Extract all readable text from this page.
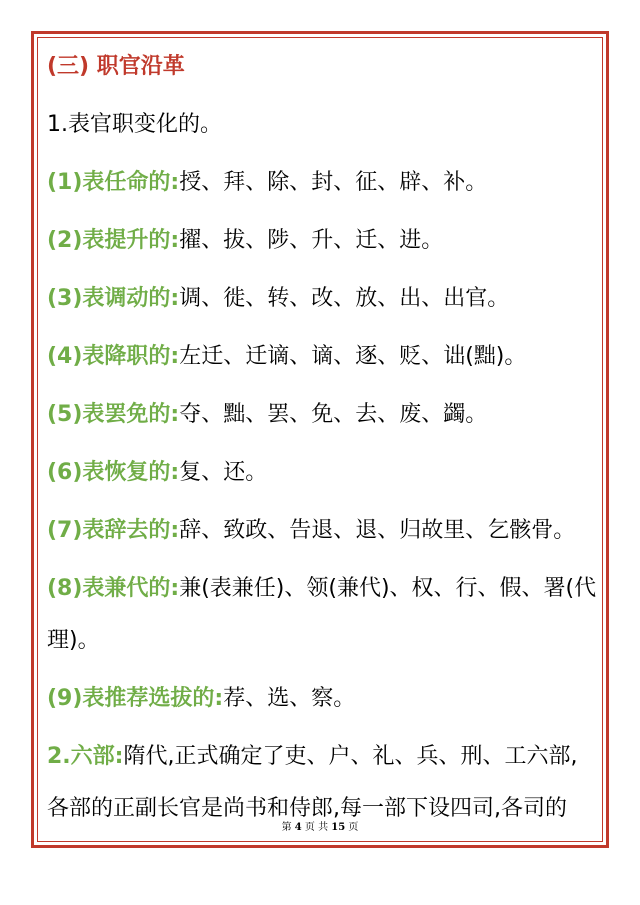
(三) 职官沿革
1.表官职变化的。
(1)表任命的:授、拜、除、封、征、辟、补。
(2)表提升的:擢、拔、陟、升、迁、进。
(3)表调动的:调、徙、转、改、放、出、出官。
(4)表降职的:左迁、迁谪、谪、逐、贬、诎(黜)。
(5)表罢免的:夺、黜、罢、免、去、废、蠲。
(6)表恢复的:复、还。
(7)表辞去的:辞、致政、告退、退、归故里、乞骸骨。
(8)表兼代的:兼(表兼任)、领(兼代)、权、行、假、署(代
理)。
(9)表推荐选拔的:荐、选、察。
2.六部:隋代,正式确定了吏、户、礼、兵、刑、工六部,
各部的正副长官是尚书和侍郎,每一部下设四司,各司的
第 4 页 共 15 页
